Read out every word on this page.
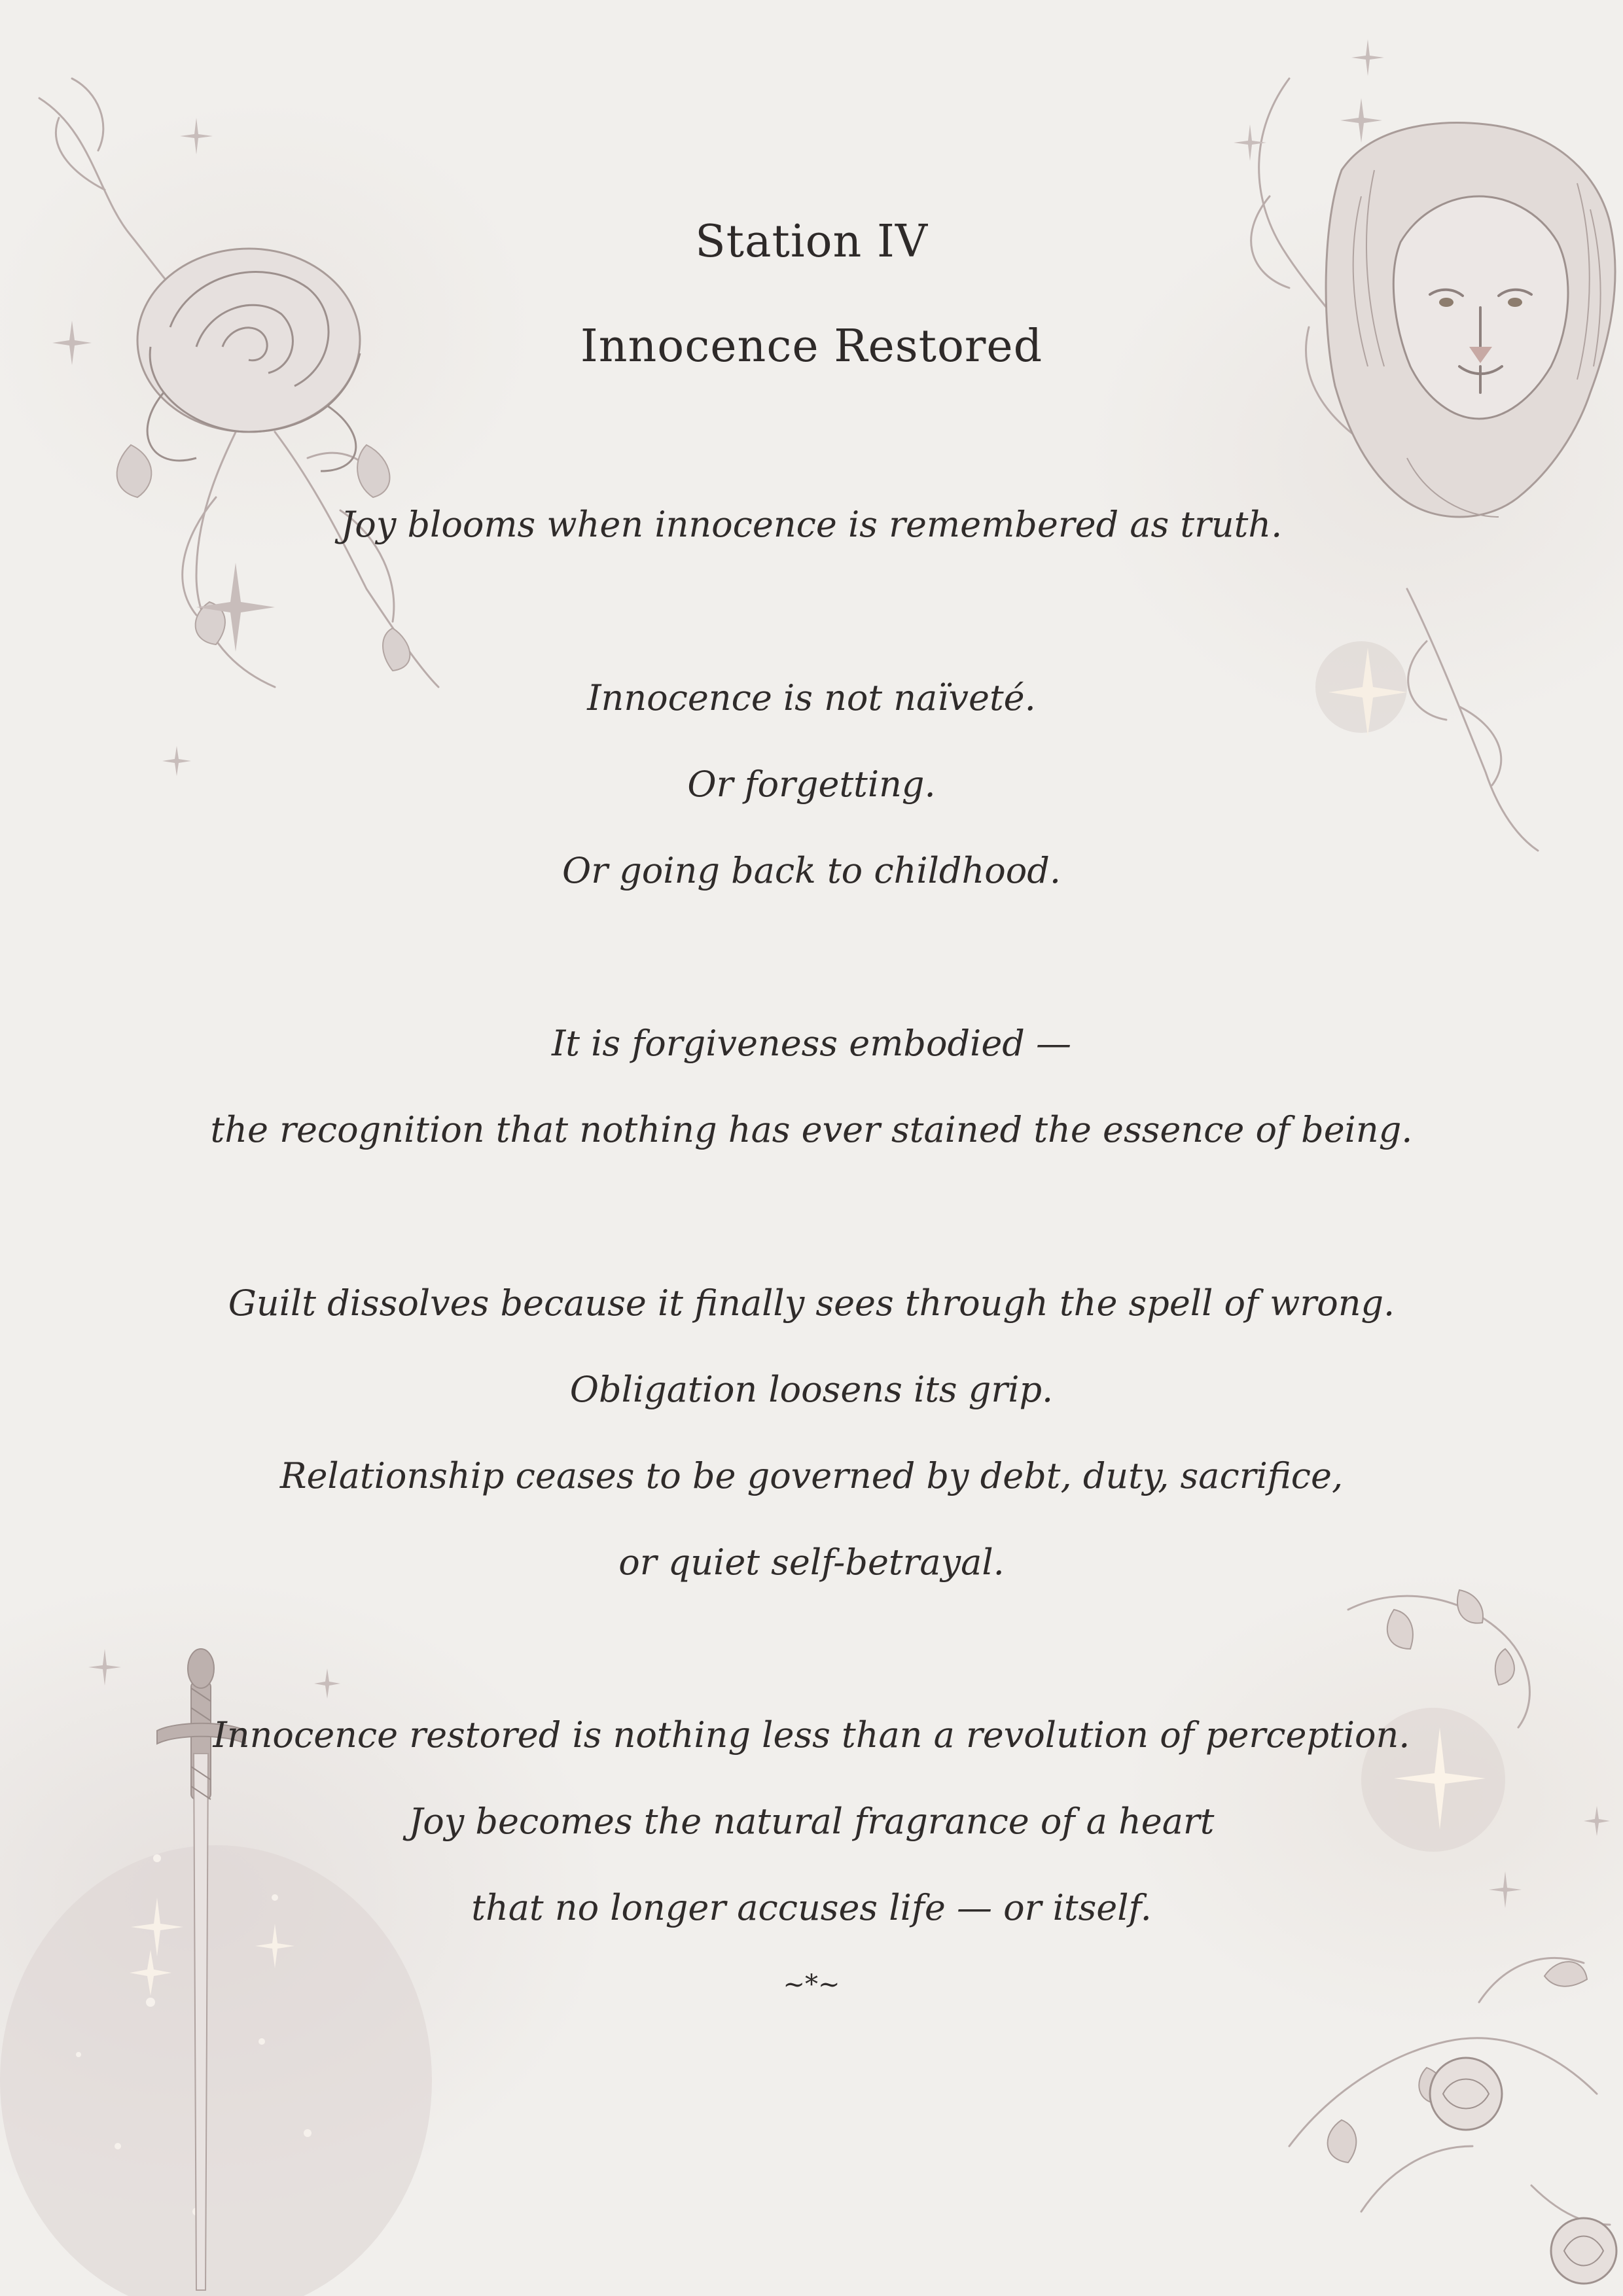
Station IV
Innocence Restored
Joy blooms when innocence is remembered as truth.
Innocence is not naïveté.
Or forgetting.
Or going back to childhood.
It is forgiveness embodied —
the recognition that nothing has ever stained the essence of being.
Guilt dissolves because it finally sees through the spell of wrong.
Obligation loosens its grip.
Relationship ceases to be governed by debt, duty, sacrifice,
or quiet self-betrayal.
Innocence restored is nothing less than a revolution of perception.
Joy becomes the natural fragrance of a heart
that no longer accuses life — or itself.
~*~
